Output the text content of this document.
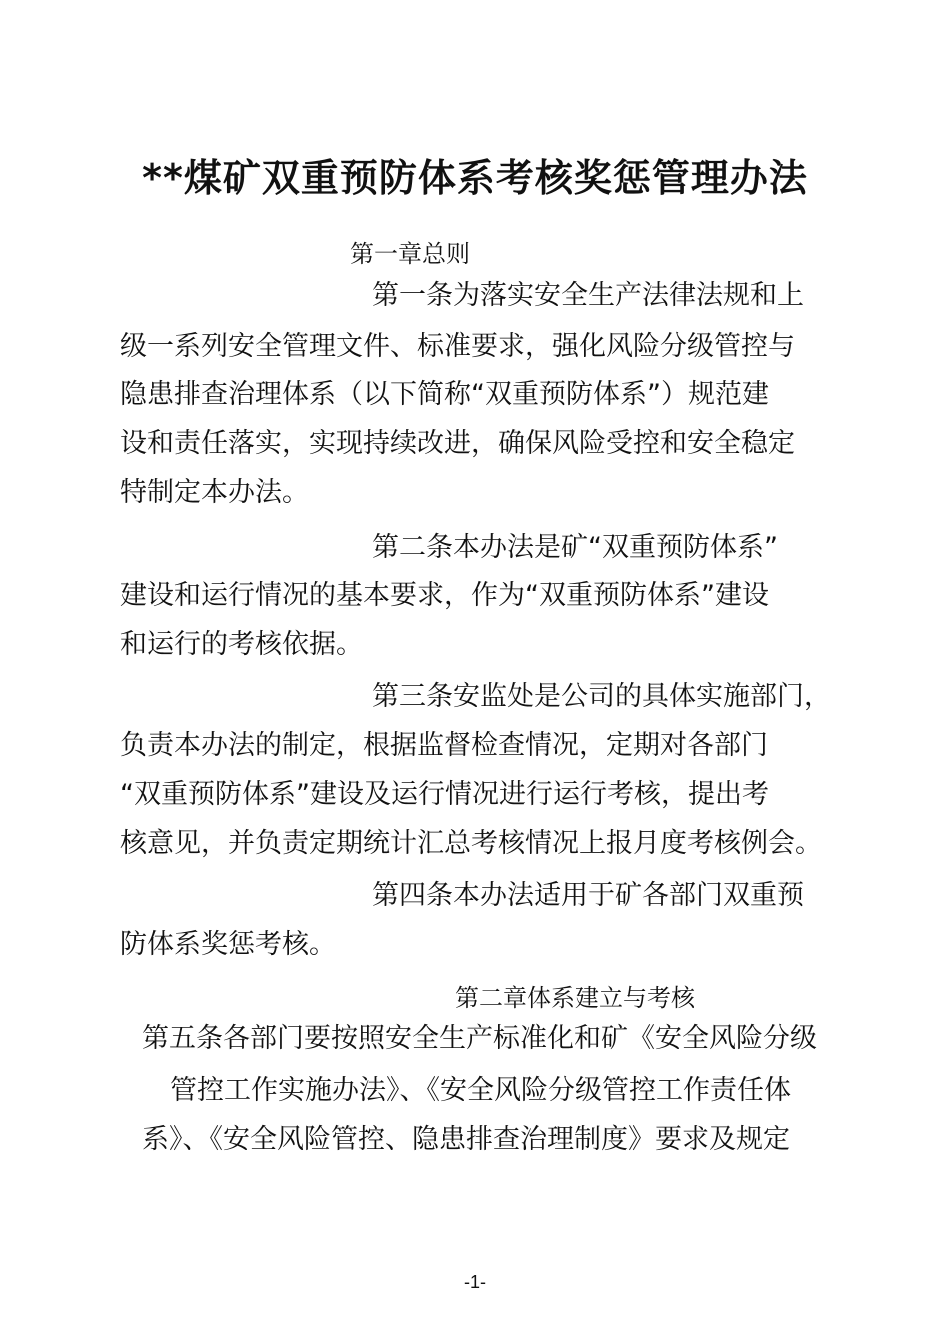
**煤矿双重预防体系考核奖惩管理办法
第一章总则
第一条为落实安全生产法律法规和上
级一系列安全管理文件、标准要求，强化风险分级管控与
隐患排查治理体系（以下简称“双重预防体系”）规范建
设和责任落实，实现持续改进，确保风险受控和安全稳定
特制定本办法。
第二条本办法是矿“双重预防体系”
建设和运行情况的基本要求，作为“双重预防体系”建设
和运行的考核依据。
第三条安监处是公司的具体实施部门，
负责本办法的制定，根据监督检查情况，定期对各部门
“双重预防体系”建设及运行情况进行运行考核，提出考
核意见，并负责定期统计汇总考核情况上报月度考核例会。
第四条本办法适用于矿各部门双重预
防体系奖惩考核。
第二章体系建立与考核
第五条各部门要按照安全生产标准化和矿《安全风险分级
管控工作实施办法》、《安全风险分级管控工作责任体
系》、《安全风险管控、隐患排查治理制度》要求及规定
-1-
